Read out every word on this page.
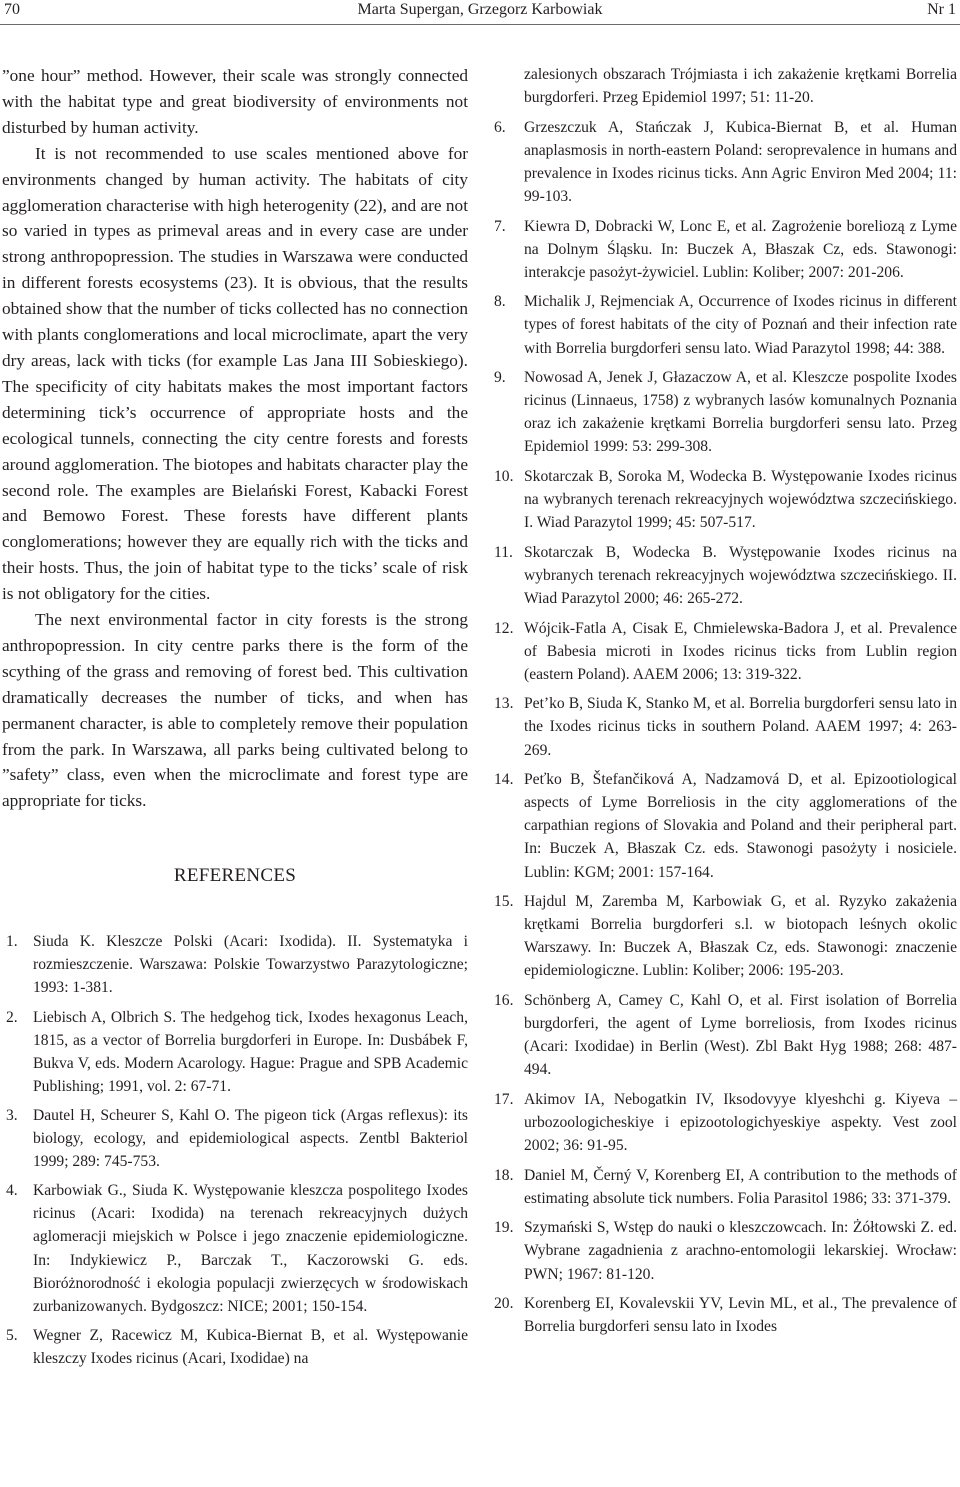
70	Marta Supergan, Grzegorz Karbowiak	Nr 1

”one hour” method. However, their scale was strongly connected with the habitat type and great biodiversity of environments not disturbed by human activity.

It is not recommended to use scales mentioned above for environments changed by human activity. The habitats of city agglomeration characterise with high heterogenity (22), and are not so varied in types as primeval areas and in every case are under strong anthropopression. The studies in Warszawa were conducted in different forests ecosystems (23). It is obvious, that the results obtained show that the number of ticks collected has no connection with plants conglomerations and local microclimate, apart the very dry areas, lack with ticks (for example Las Jana III Sobieskiego). The specificity of city habitats makes the most important factors determining tick’s occurrence of appropriate hosts and the ecological tunnels, connecting the city centre forests and forests around agglomeration. The biotopes and habitats character play the second role. The examples are Bielański Forest, Kabacki Forest and Bemowo Forest. These forests have different plants conglomerations; however they are equally rich with the ticks and their hosts. Thus, the join of habitat type to the ticks’ scale of risk is not obligatory for the cities.

The next environmental factor in city forests is the strong anthropopression. In city centre parks there is the form of the scything of the grass and removing of forest bed. This cultivation dramatically decreases the number of ticks, and when has permanent character, is able to completely remove their population from the park. In Warszawa, all parks being cultivated belong to ”safety” class, even when the microclimate and forest type are appropriate for ticks.

REFERENCES
1. Siuda K. Kleszcze Polski (Acari: Ixodida). II. Systematyka i rozmieszczenie. Warszawa: Polskie Towarzystwo Parazytologiczne; 1993: 1-381.
2. Liebisch A, Olbrich S. The hedgehog tick, Ixodes hexagonus Leach, 1815, as a vector of Borrelia burgdorferi in Europe. In: Dusbábek F, Bukva V, eds. Modern Acarology. Hague: Prague and SPB Academic Publishing; 1991, vol. 2: 67-71.
3. Dautel H, Scheurer S, Kahl O. The pigeon tick (Argas reflexus): its biology, ecology, and epidemiological aspects. Zentbl Bakteriol 1999; 289: 745-753.
4. Karbowiak G., Siuda K. Występowanie kleszcza pospolitego Ixodes ricinus (Acari: Ixodida) na terenach rekreacyjnych dużych aglomeracji miejskich w Polsce i jego znaczenie epidemiologiczne. In: Indykiewicz P., Barczak T., Kaczorowski G. eds. Bioróżnorodność i ekologia populacji zwierzęcych w środowiskach zurbanizowanych. Bydgoszcz: NICE; 2001; 150-154.
5. Wegner Z, Racewicz M, Kubica-Biernat B, et al. Występowanie kleszczy Ixodes ricinus (Acari, Ixodidae) na
zalesionych obszarach Trójmiasta i ich zakażenie krętkami Borrelia burgdorferi. Przeg Epidemiol 1997; 51: 11-20.
6. Grzeszczuk A, Stańczak J, Kubica-Biernat B, et al. Human anaplasmosis in north-eastern Poland: seroprevalence in humans and prevalence in Ixodes ricinus ticks. Ann Agric Environ Med 2004; 11: 99-103.
7. Kiewra D, Dobracki W, Lonc E, et al. Zagrożenie boreliozą z Lyme na Dolnym Śląsku. In: Buczek A, Błaszak Cz, eds. Stawonogi: interakcje pasożyt-żywiciel. Lublin: Koliber; 2007: 201-206.
8. Michalik J, Rejmenciak A, Occurrence of Ixodes ricinus in different types of forest habitats of the city of Poznań and their infection rate with Borrelia burgdorferi sensu lato. Wiad Parazytol 1998; 44: 388.
9. Nowosad A, Jenek J, Głazaczow A, et al. Kleszcze pospolite Ixodes ricinus (Linnaeus, 1758) z wybranych lasów komunalnych Poznania oraz ich zakażenie krętkami Borrelia burgdorferi sensu lato. Przeg Epidemiol 1999: 53: 299-308.
10. Skotarczak B, Soroka M, Wodecka B. Występowanie Ixodes ricinus na wybranych terenach rekreacyjnych województwa szczecińskiego. I. Wiad Parazytol 1999; 45: 507-517.
11. Skotarczak B, Wodecka B. Występowanie Ixodes ricinus na wybranych terenach rekreacyjnych województwa szczecińskiego. II. Wiad Parazytol 2000; 46: 265-272.
12. Wójcik-Fatla A, Cisak E, Chmielewska-Badora J, et al. Prevalence of Babesia microti in Ixodes ricinus ticks from Lublin region (eastern Poland). AAEM 2006; 13: 319-322.
13. Pet’ko B, Siuda K, Stanko M, et al. Borrelia burgdorferi sensu lato in the Ixodes ricinus ticks in southern Poland. AAEM 1997; 4: 263-269.
14. Peťko B, Štefančiková A, Nadzamová D, et al. Epizootiological aspects of Lyme Borreliosis in the city agglomerations of the carpathian regions of Slovakia and Poland and their peripheral part. In: Buczek A, Błaszak Cz. eds. Stawonogi pasożyty i nosiciele. Lublin: KGM; 2001: 157-164.
15. Hajdul M, Zaremba M, Karbowiak G, et al. Ryzyko zakażenia krętkami Borrelia burgdorferi s.l. w biotopach leśnych okolic Warszawy. In: Buczek A, Błaszak Cz, eds. Stawonogi: znaczenie epidemiologiczne. Lublin: Koliber; 2006: 195-203.
16. Schönberg A, Camey C, Kahl O, et al. First isolation of Borrelia burgdorferi, the agent of Lyme borreliosis, from Ixodes ricinus (Acari: Ixodidae) in Berlin (West). Zbl Bakt Hyg 1988; 268: 487-494.
17. Akimov IA, Nebogatkin IV, Iksodovyye klyeshchi g. Kiyeva – urbozoologicheskiye i epizootologichyeskiye aspekty. Vest zool 2002; 36: 91-95.
18. Daniel M, Černý V, Korenberg EI, A contribution to the methods of estimating absolute tick numbers. Folia Parasitol 1986; 33: 371-379.
19. Szymański S, Wstęp do nauki o kleszczowcach. In: Żółtowski Z. ed. Wybrane zagadnienia z arachno-entomologii lekarskiej. Wrocław: PWN; 1967: 81-120.
20. Korenberg EI, Kovalevskii YV, Levin ML, et al., The prevalence of Borrelia burgdorferi sensu lato in Ixodes
